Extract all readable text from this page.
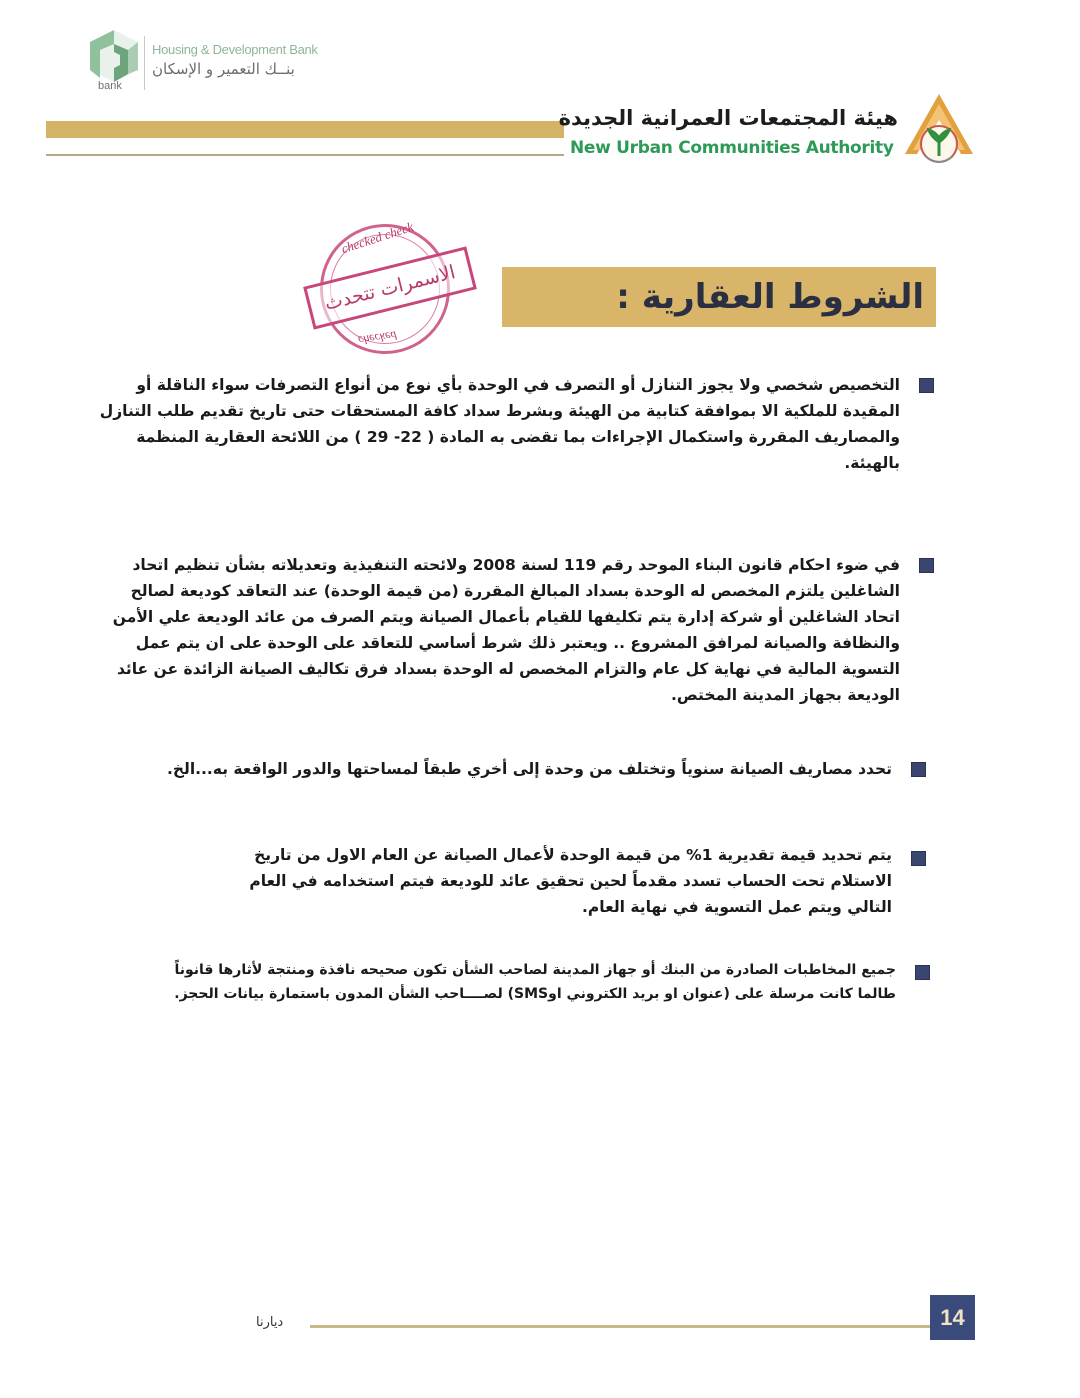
bank
Housing & Development Bank
بنــك التعمير و الإسكان
هيئة المجتمعات العمرانية الجديدة
New Urban Communities Authority
checked check
checked
الاسمرات تتحدث	الشروط العقارية :

التخصيص شخصي ولا يجوز التنازل أو التصرف في الوحدة بأي نوع من أنواع التصرفات سواء الناقلة أو المقيدة للملكية الا بموافقة كتابية من الهيئة وبشرط سداد كافة المستحقات حتى تاريخ تقديم طلب التنازل والمصاريف المقررة واستكمال الإجراءات بما تقضى به المادة ( 22- 29 ) من اللائحة العقارية المنظمة بالهيئة.

في ضوء احكام قانون البناء الموحد رقم 119 لسنة 2008 ولائحته التنفيذية وتعديلاته بشأن تنظيم اتحاد الشاغلين يلتزم المخصص له الوحدة بسداد المبالغ المقررة (من قيمة الوحدة) عند التعاقد كوديعة لصالح اتحاد الشاغلين أو شركة إدارة يتم تكليفها للقيام بأعمال الصيانة ويتم الصرف من عائد الوديعة علي الأمن والنظافة والصيانة لمرافق المشروع .. ويعتبر ذلك شرط أساسي للتعاقد على الوحدة على ان يتم عمل التسوية المالية في نهاية كل عام والتزام المخصص له الوحدة بسداد فرق تكاليف الصيانة الزائدة عن عائد الوديعة بجهاز المدينة المختص.

تحدد مصاريف الصيانة سنوياً وتختلف من وحدة إلى أخري طبقاً لمساحتها والدور الواقعة به...الخ.

يتم تحديد قيمة تقديرية 1% من قيمة الوحدة لأعمال الصيانة عن العام الاول من تاريخ الاستلام تحت الحساب تسدد مقدماً لحين تحقيق عائد للوديعة فيتم استخدامه في العام التالي ويتم عمل التسوية في نهاية العام.

جميع المخاطبات الصادرة من البنك أو جهاز المدينة لصاحب الشأن تكون صحيحه نافذة ومنتجة لأثارها قانوناً طالما كانت مرسلة على (عنوان او بريد الكتروني اوSMS) لصــــاحب الشأن المدون باستمارة بيانات الحجز.

ديارنا	14
